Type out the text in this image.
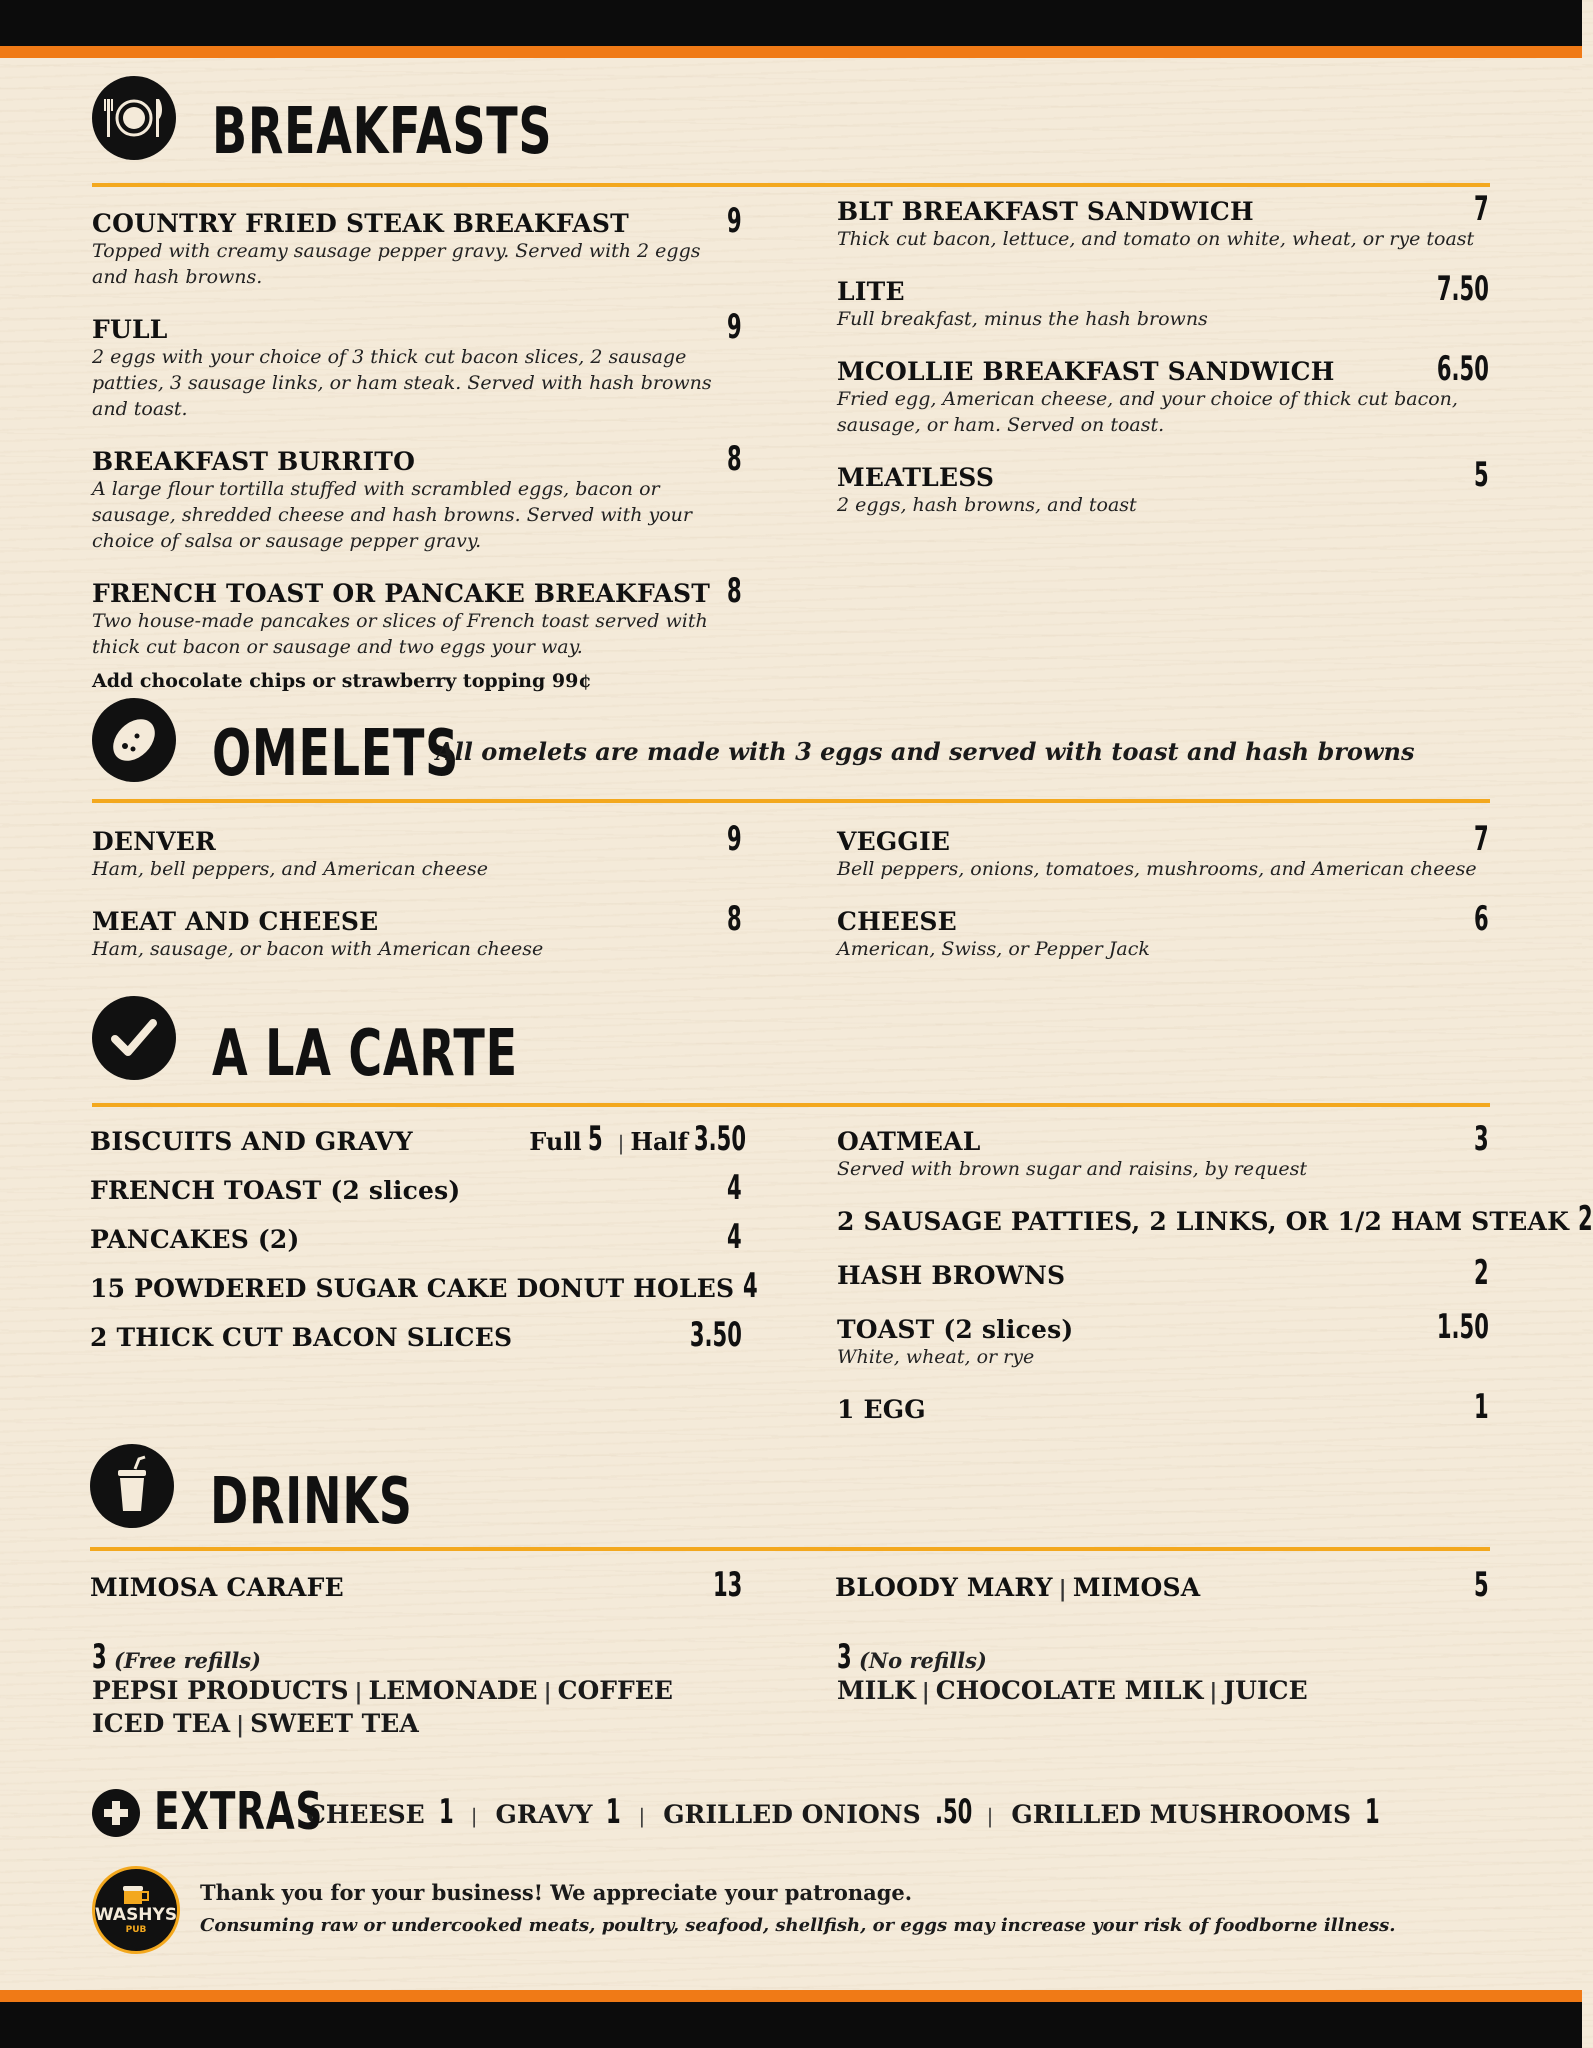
BREAKFASTS
COUNTRY FRIED STEAK BREAKFAST	9
Topped with creamy sausage pepper gravy. Served with 2 eggs and hash browns.
FULL	9
2 eggs with your choice of 3 thick cut bacon slices, 2 sausage patties, 3 sausage links, or ham steak. Served with hash browns and toast.
BREAKFAST BURRITO	8
A large flour tortilla stuffed with scrambled eggs, bacon or sausage, shredded cheese and hash browns. Served with your choice of salsa or sausage pepper gravy.
FRENCH TOAST OR PANCAKE BREAKFAST 8
Two house-made pancakes or slices of French toast served with thick cut bacon or sausage and two eggs your way.
Add chocolate chips or strawberry topping 99¢
BLT BREAKFAST SANDWICH	7
Thick cut bacon, lettuce, and tomato on white, wheat, or rye toast
LITE	7.50
Full breakfast, minus the hash browns
MCOLLIE BREAKFAST SANDWICH	6.50
Fried egg, American cheese, and your choice of thick cut bacon, sausage, or ham. Served on toast.
MEATLESS	5
2 eggs, hash browns, and toast
OMELETS
All omelets are made with 3 eggs and served with toast and hash browns
DENVER	9
Ham, bell peppers, and American cheese
MEAT AND CHEESE	8
Ham, sausage, or bacon with American cheese
VEGGIE	7
Bell peppers, onions, tomatoes, mushrooms, and American cheese
CHEESE	6
American, Swiss, or Pepper Jack
A LA CARTE
BISCUITS AND GRAVY	Full 5 | Half 3.50
FRENCH TOAST (2 slices)	4
PANCAKES (2)	4
15 POWDERED SUGAR CAKE DONUT HOLES 4
2 THICK CUT BACON SLICES	3.50
OATMEAL	3
Served with brown sugar and raisins, by request
2 SAUSAGE PATTIES, 2 LINKS, OR 1/2 HAM STEAK 2
HASH BROWNS	2
TOAST (2 slices)	1.50
White, wheat, or rye
1 EGG	1
DRINKS
MIMOSA CARAFE	13	BLOODY MARY | MIMOSA	5
3 (Free refills)
PEPSI PRODUCTS | LEMONADE | COFFEE
ICED TEA | SWEET TEA
3 (No refills)
MILK | CHOCOLATE MILK | JUICE
EXTRAS
CHEESE 1 | GRAVY 1 | GRILLED ONIONS .50 | GRILLED MUSHROOMS 1
WASHYS
PUB
Thank you for your business! We appreciate your patronage.
Consuming raw or undercooked meats, poultry, seafood, shellfish, or eggs may increase your risk of foodborne illness.
